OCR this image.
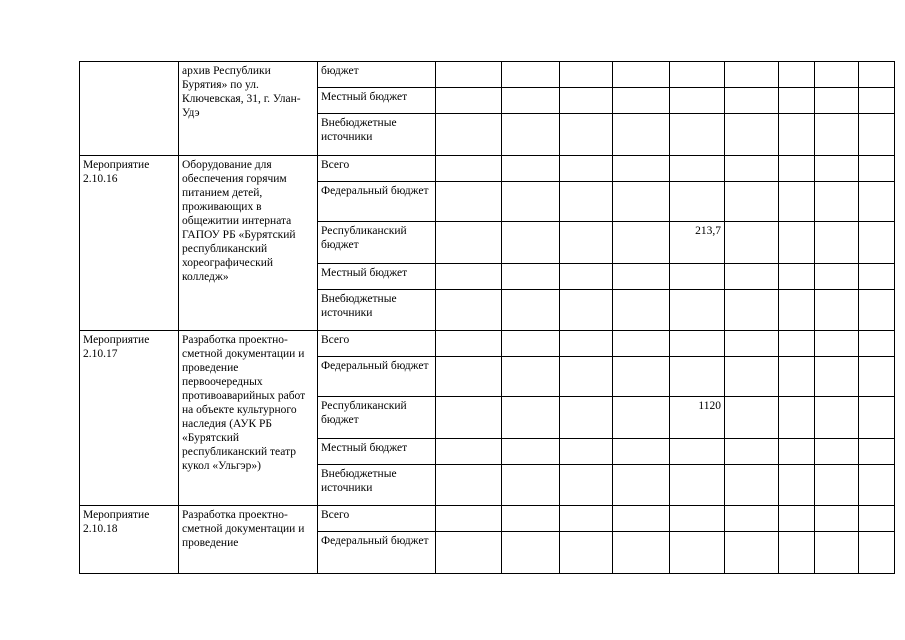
	архив Республики Бурятия» по ул. Ключевская, 31, г. Улан-Удэ	бюджет									
		Местный бюджет									
		Внебюджетные источники									
Мероприятие 2.10.16	Оборудование для обеспечения горячим питанием детей, проживающих в общежитии интерната ГАПОУ РБ «Бурятский республиканский хореографический колледж»	Всего									
		Федеральный бюджет									
		Республиканский бюджет					213,7				
		Местный бюджет									
		Внебюджетные источники									
Мероприятие 2.10.17	Разработка проектно-сметной документации и проведение первоочередных противоаварийных работ на объекте культурного наследия (АУК РБ «Бурятский республиканский театр кукол «Ульгэр»)	Всего									
		Федеральный бюджет									
		Республиканский бюджет					1120				
		Местный бюджет									
		Внебюджетные источники									
Мероприятие 2.10.18	Разработка проектно-сметной документации и проведение	Всего									
		Федеральный бюджет									
